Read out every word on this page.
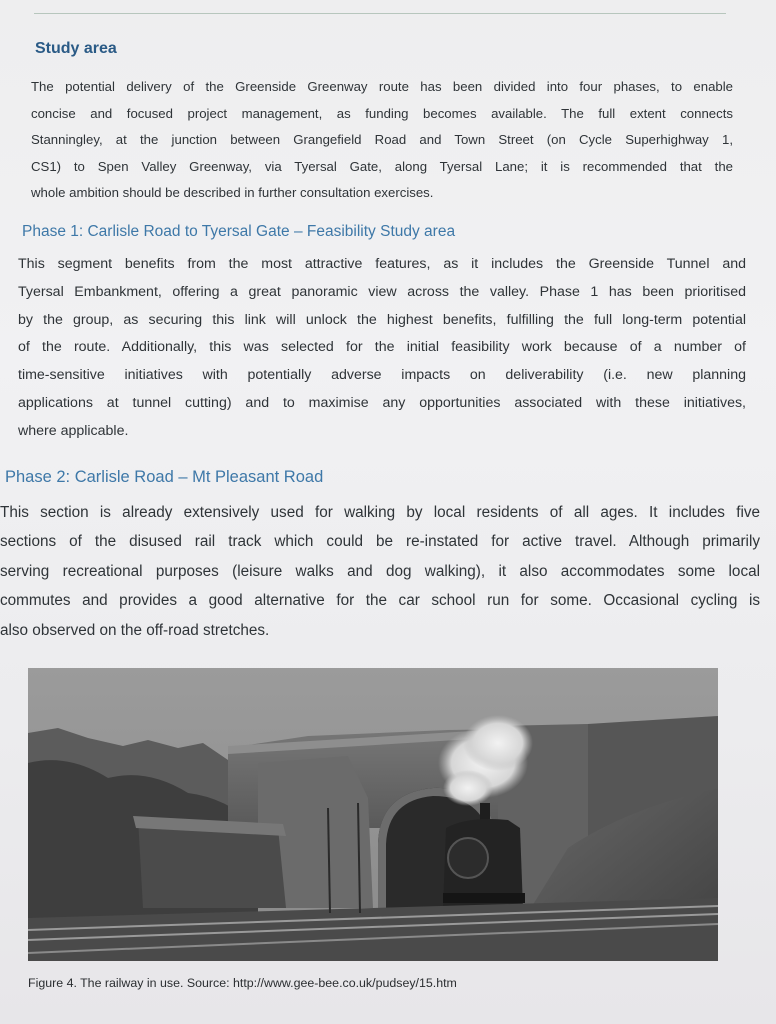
Study area
The potential delivery of the Greenside Greenway route has been divided into four phases, to enable
concise and focused project management, as funding becomes available. The full extent connects
Stanningley, at the junction between Grangefield Road and Town Street (on Cycle Superhighway 1,
CS1) to Spen Valley Greenway, via Tyersal Gate, along Tyersal Lane; it is recommended that the
whole ambition should be described in further consultation exercises.
Phase 1: Carlisle Road to Tyersal Gate – Feasibility Study area
This segment benefits from the most attractive features, as it includes the Greenside Tunnel and
Tyersal Embankment, offering a great panoramic view across the valley. Phase 1 has been prioritised
by the group, as securing this link will unlock the highest benefits, fulfilling the full long-term potential
of the route. Additionally, this was selected for the initial feasibility work because of a number of
time-sensitive initiatives with potentially adverse impacts on deliverability (i.e. new planning
applications at tunnel cutting) and to maximise any opportunities associated with these initiatives,
where applicable.
Phase 2: Carlisle Road – Mt Pleasant Road
This section is already extensively used for walking by local residents of all ages. It includes five
sections of the disused rail track which could be re-instated for active travel. Although primarily
serving recreational purposes (leisure walks and dog walking), it also accommodates some local
commutes and provides a good alternative for the car school run for some. Occasional cycling is
also observed on the off-road stretches.
Figure 4. The railway in use. Source: http://www.gee-bee.co.uk/pudsey/15.htm
